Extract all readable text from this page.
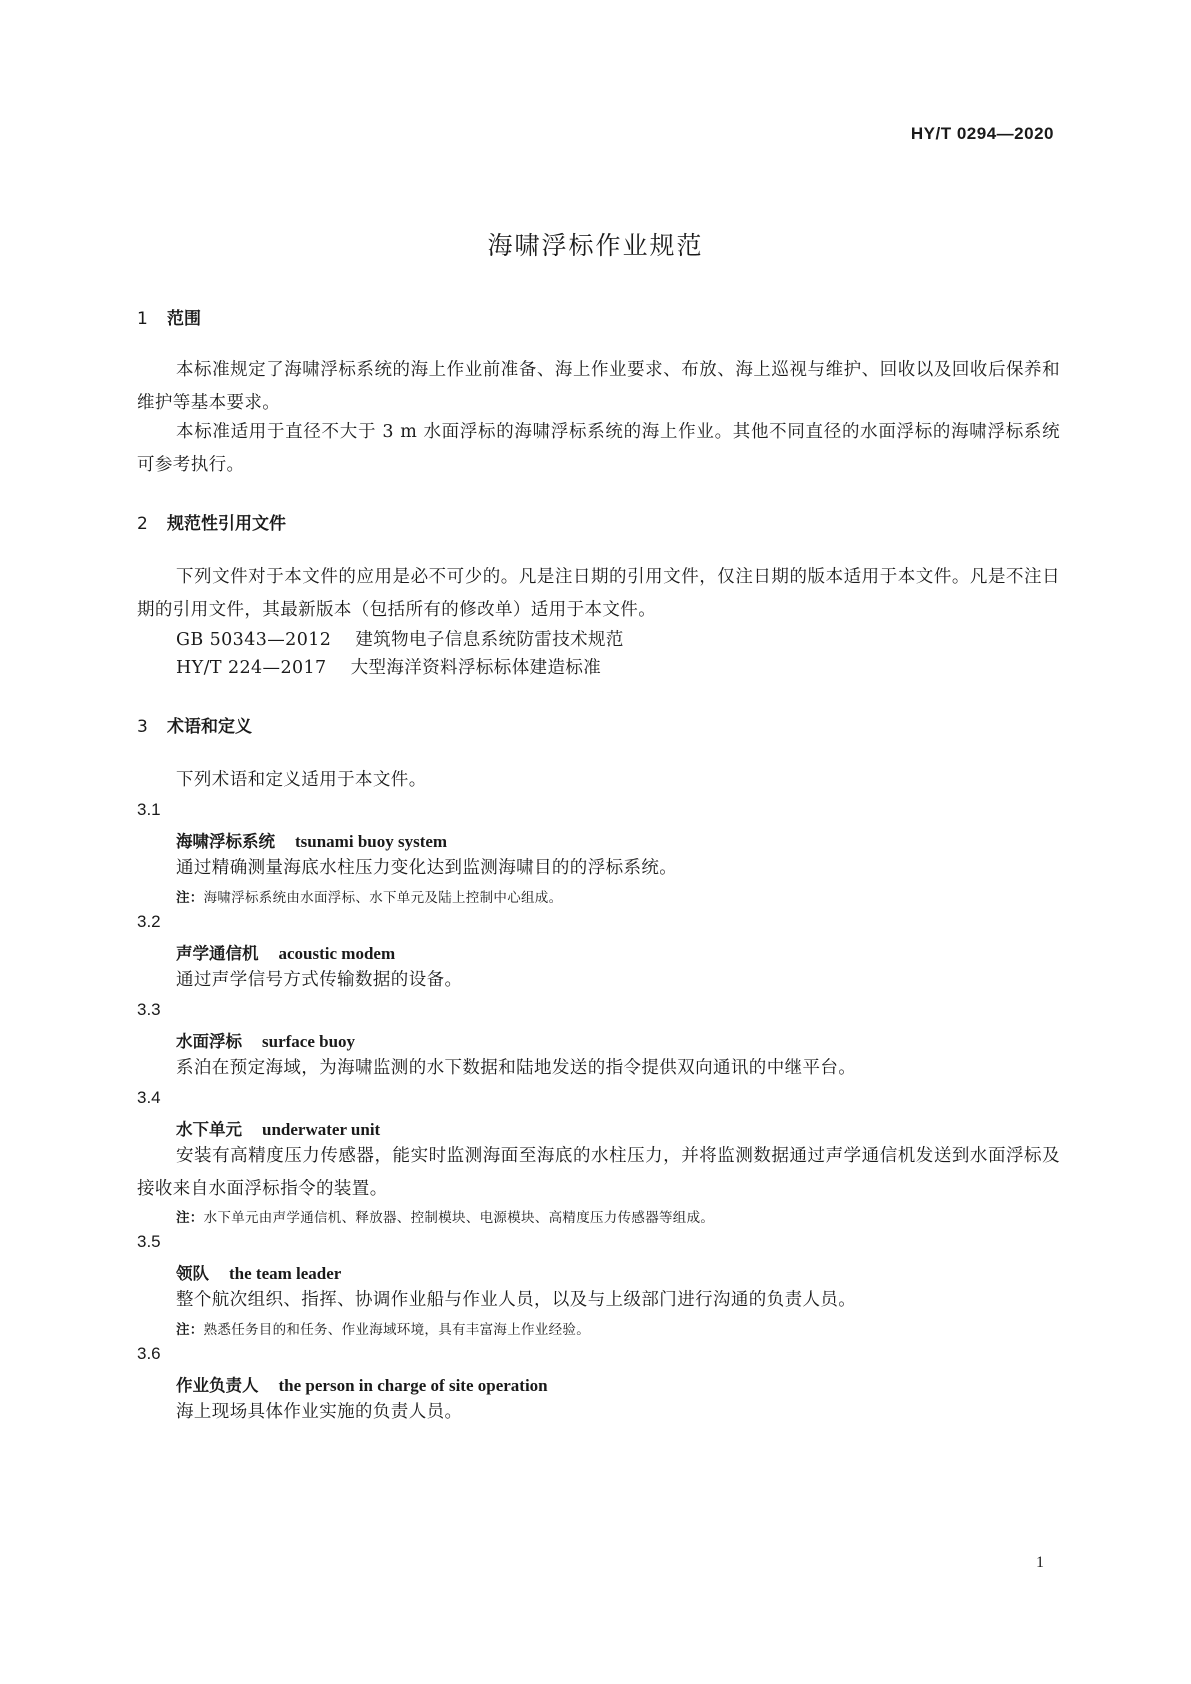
HY/T 0294—2020
海啸浮标作业规范
1 范围
本标准规定了海啸浮标系统的海上作业前准备、海上作业要求、布放、海上巡视与维护、回收以及回收后保养和维护等基本要求。
本标准适用于直径不大于 3 m 水面浮标的海啸浮标系统的海上作业。其他不同直径的水面浮标的海啸浮标系统可参考执行。
2 规范性引用文件
下列文件对于本文件的应用是必不可少的。凡是注日期的引用文件，仅注日期的版本适用于本文件。凡是不注日期的引用文件，其最新版本（包括所有的修改单）适用于本文件。
GB 50343—2012 建筑物电子信息系统防雷技术规范
HY/T 224—2017 大型海洋资料浮标标体建造标准
3 术语和定义
下列术语和定义适用于本文件。
3.1
海啸浮标系统 tsunami buoy system
通过精确测量海底水柱压力变化达到监测海啸目的的浮标系统。
注：海啸浮标系统由水面浮标、水下单元及陆上控制中心组成。
3.2
声学通信机 acoustic modem
通过声学信号方式传输数据的设备。
3.3
水面浮标 surface buoy
系泊在预定海域，为海啸监测的水下数据和陆地发送的指令提供双向通讯的中继平台。
3.4
水下单元 underwater unit
安装有高精度压力传感器，能实时监测海面至海底的水柱压力，并将监测数据通过声学通信机发送到水面浮标及接收来自水面浮标指令的装置。
注：水下单元由声学通信机、释放器、控制模块、电源模块、高精度压力传感器等组成。
3.5
领队 the team leader
整个航次组织、指挥、协调作业船与作业人员，以及与上级部门进行沟通的负责人员。
注：熟悉任务目的和任务、作业海域环境，具有丰富海上作业经验。
3.6
作业负责人 the person in charge of site operation
海上现场具体作业实施的负责人员。
1
